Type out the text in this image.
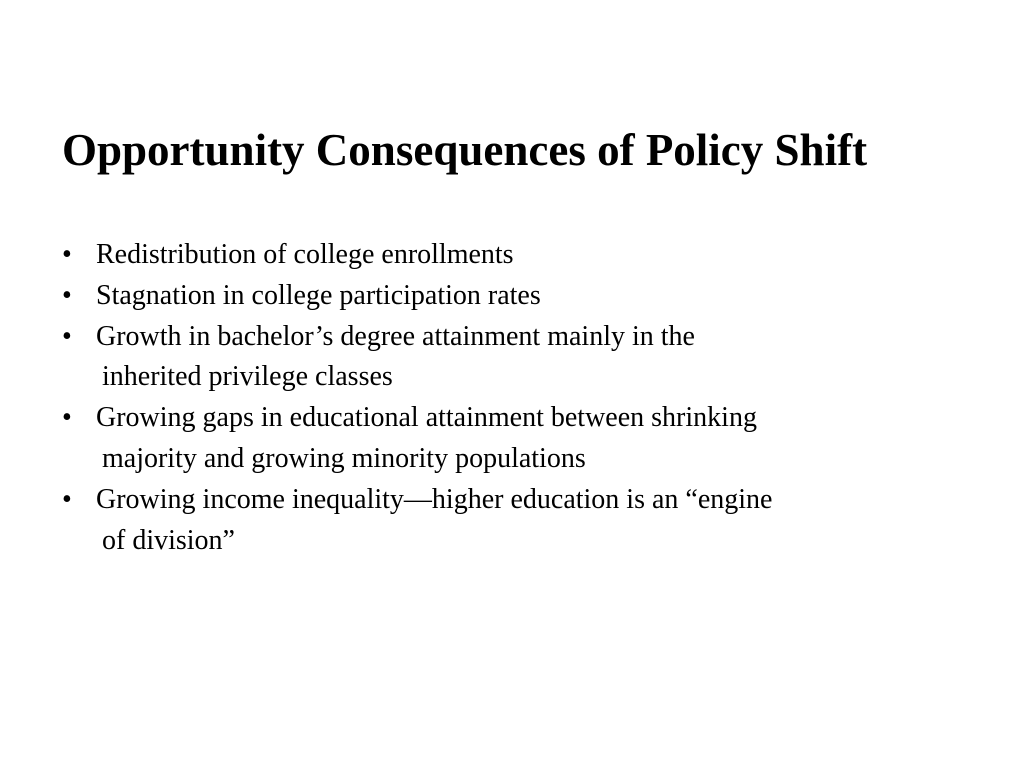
Opportunity Consequences of Policy Shift
• Redistribution of college enrollments
• Stagnation in college participation rates
• Growth in bachelor’s degree attainment mainly in the
inherited privilege classes
• Growing gaps in educational attainment between shrinking
majority and growing minority populations
• Growing income inequality—higher education is an “engine
of division”
